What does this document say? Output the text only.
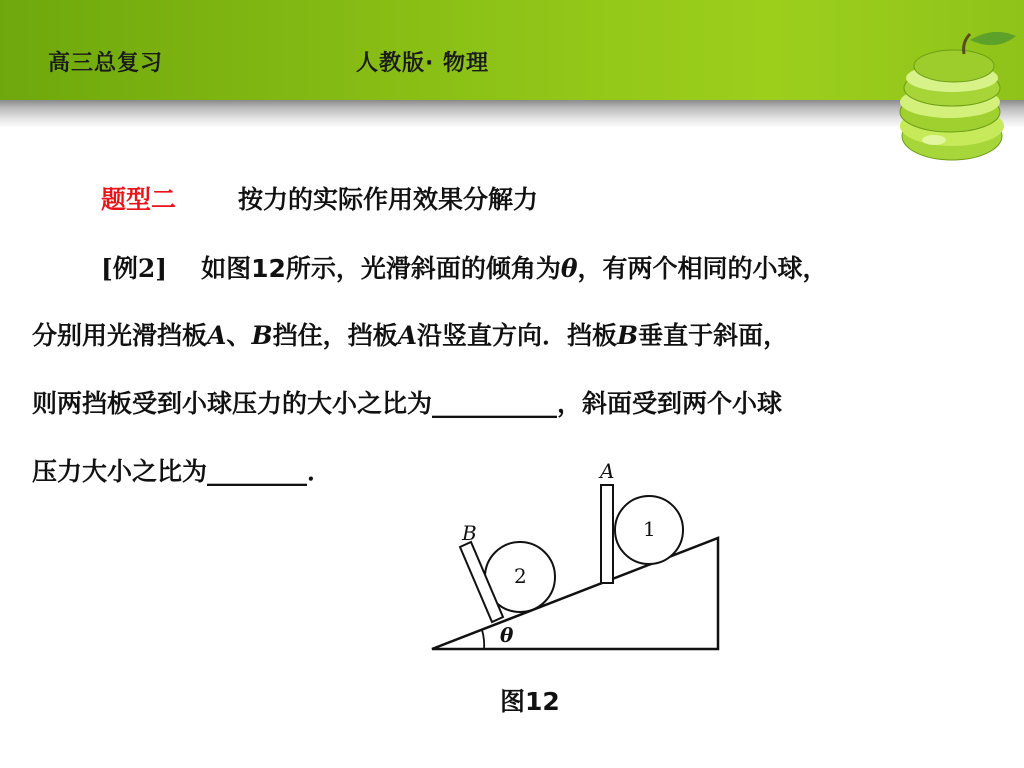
高三总复习	人教版· 物理
题型二 按力的实际作用效果分解力
[例2] 如图12所示，光滑斜面的倾角为θ，有两个相同的小球，
分别用光滑挡板A、B挡住，挡板A沿竖直方向．挡板B垂直于斜面，
则两挡板受到小球压力的大小之比为__________，斜面受到两个小球
压力大小之比为________．	A
B	1
2
θ
图12
